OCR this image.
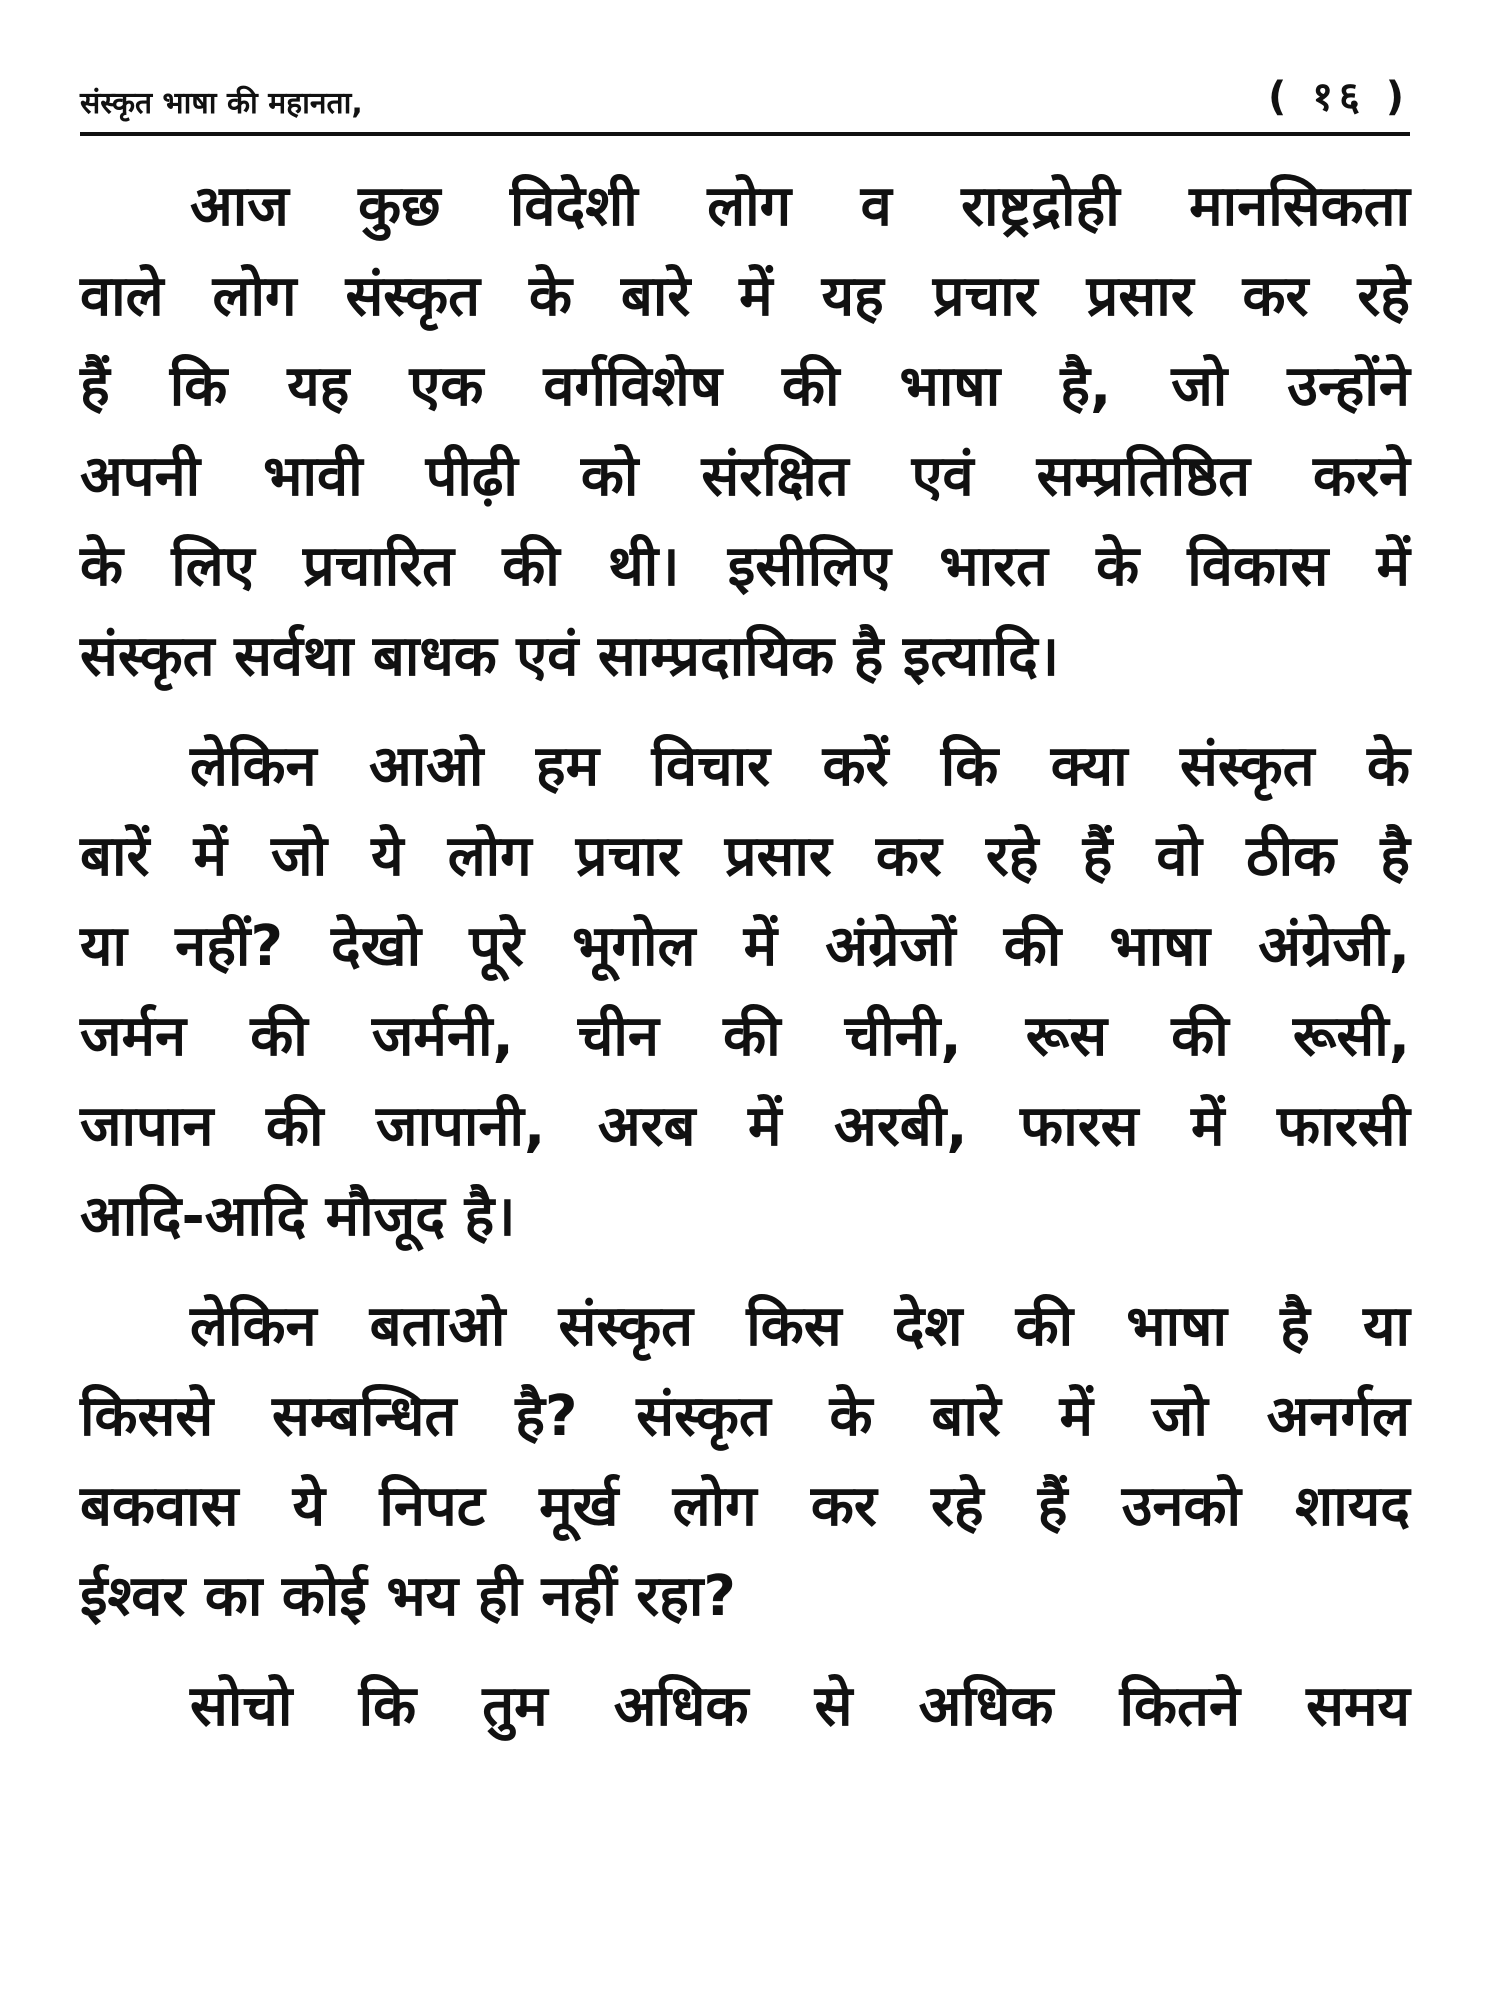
संस्कृत भाषा की महानता,	( १६ )

आज कुछ विदेशी लोग व राष्ट्रद्रोही मानसिकता
वाले लोग संस्कृत के बारे में यह प्रचार प्रसार कर रहे
हैं कि यह एक वर्गविशेष की भाषा है, जो उन्होंने
अपनी भावी पीढ़ी को संरक्षित एवं सम्प्रतिष्ठित करने
के लिए प्रचारित की थी। इसीलिए भारत के विकास में
संस्कृत सर्वथा बाधक एवं साम्प्रदायिक है इत्यादि।

लेकिन आओ हम विचार करें कि क्या संस्कृत के
बारें में जो ये लोग प्रचार प्रसार कर रहे हैं वो ठीक है
या नहीं? देखो पूरे भूगोल में अंग्रेजों की भाषा अंग्रेजी,
जर्मन की जर्मनी, चीन की चीनी, रूस की रूसी,
जापान की जापानी, अरब में अरबी, फारस में फारसी
आदि-आदि मौजूद है।

लेकिन बताओ संस्कृत किस देश की भाषा है या
किससे सम्बन्धित है? संस्कृत के बारे में जो अनर्गल
बकवास ये निपट मूर्ख लोग कर रहे हैं उनको शायद
ईश्वर का कोई भय ही नहीं रहा?

सोचो कि तुम अधिक से अधिक कितने समय
